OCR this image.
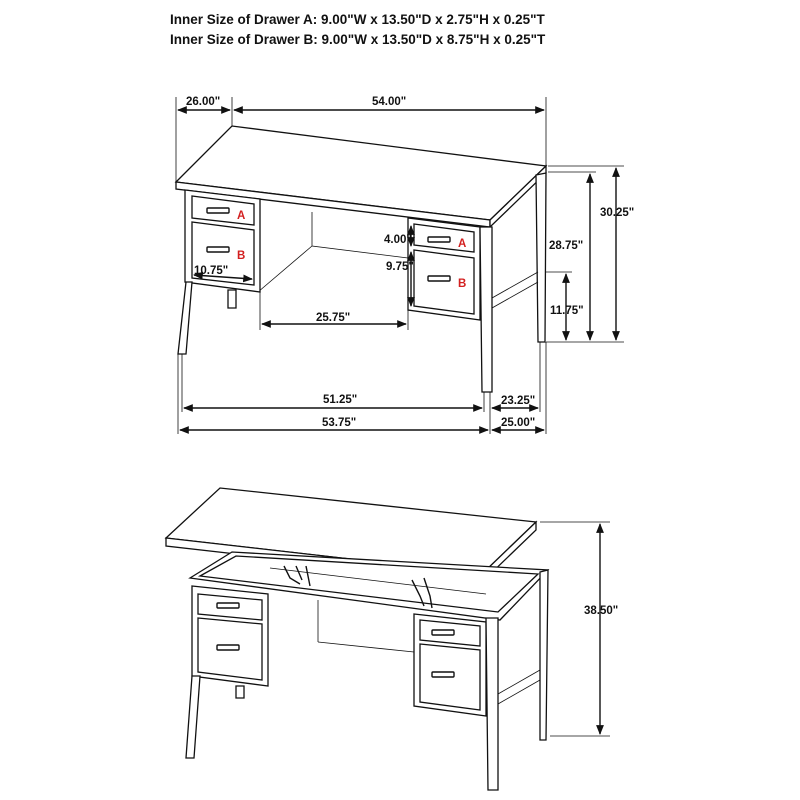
Inner Size of Drawer A: 9.00"W x 13.50"D x 2.75"H x 0.25"T
Inner Size of Drawer B: 9.00"W x 13.50"D x 8.75"H x 0.25"T
A
B
A
B
26.00"	54.00"
30.25"
28.75"
11.75"
4.00"
9.75"
10.75"
25.75"
51.25"	23.25"
53.75"	25.00"
38.50"
